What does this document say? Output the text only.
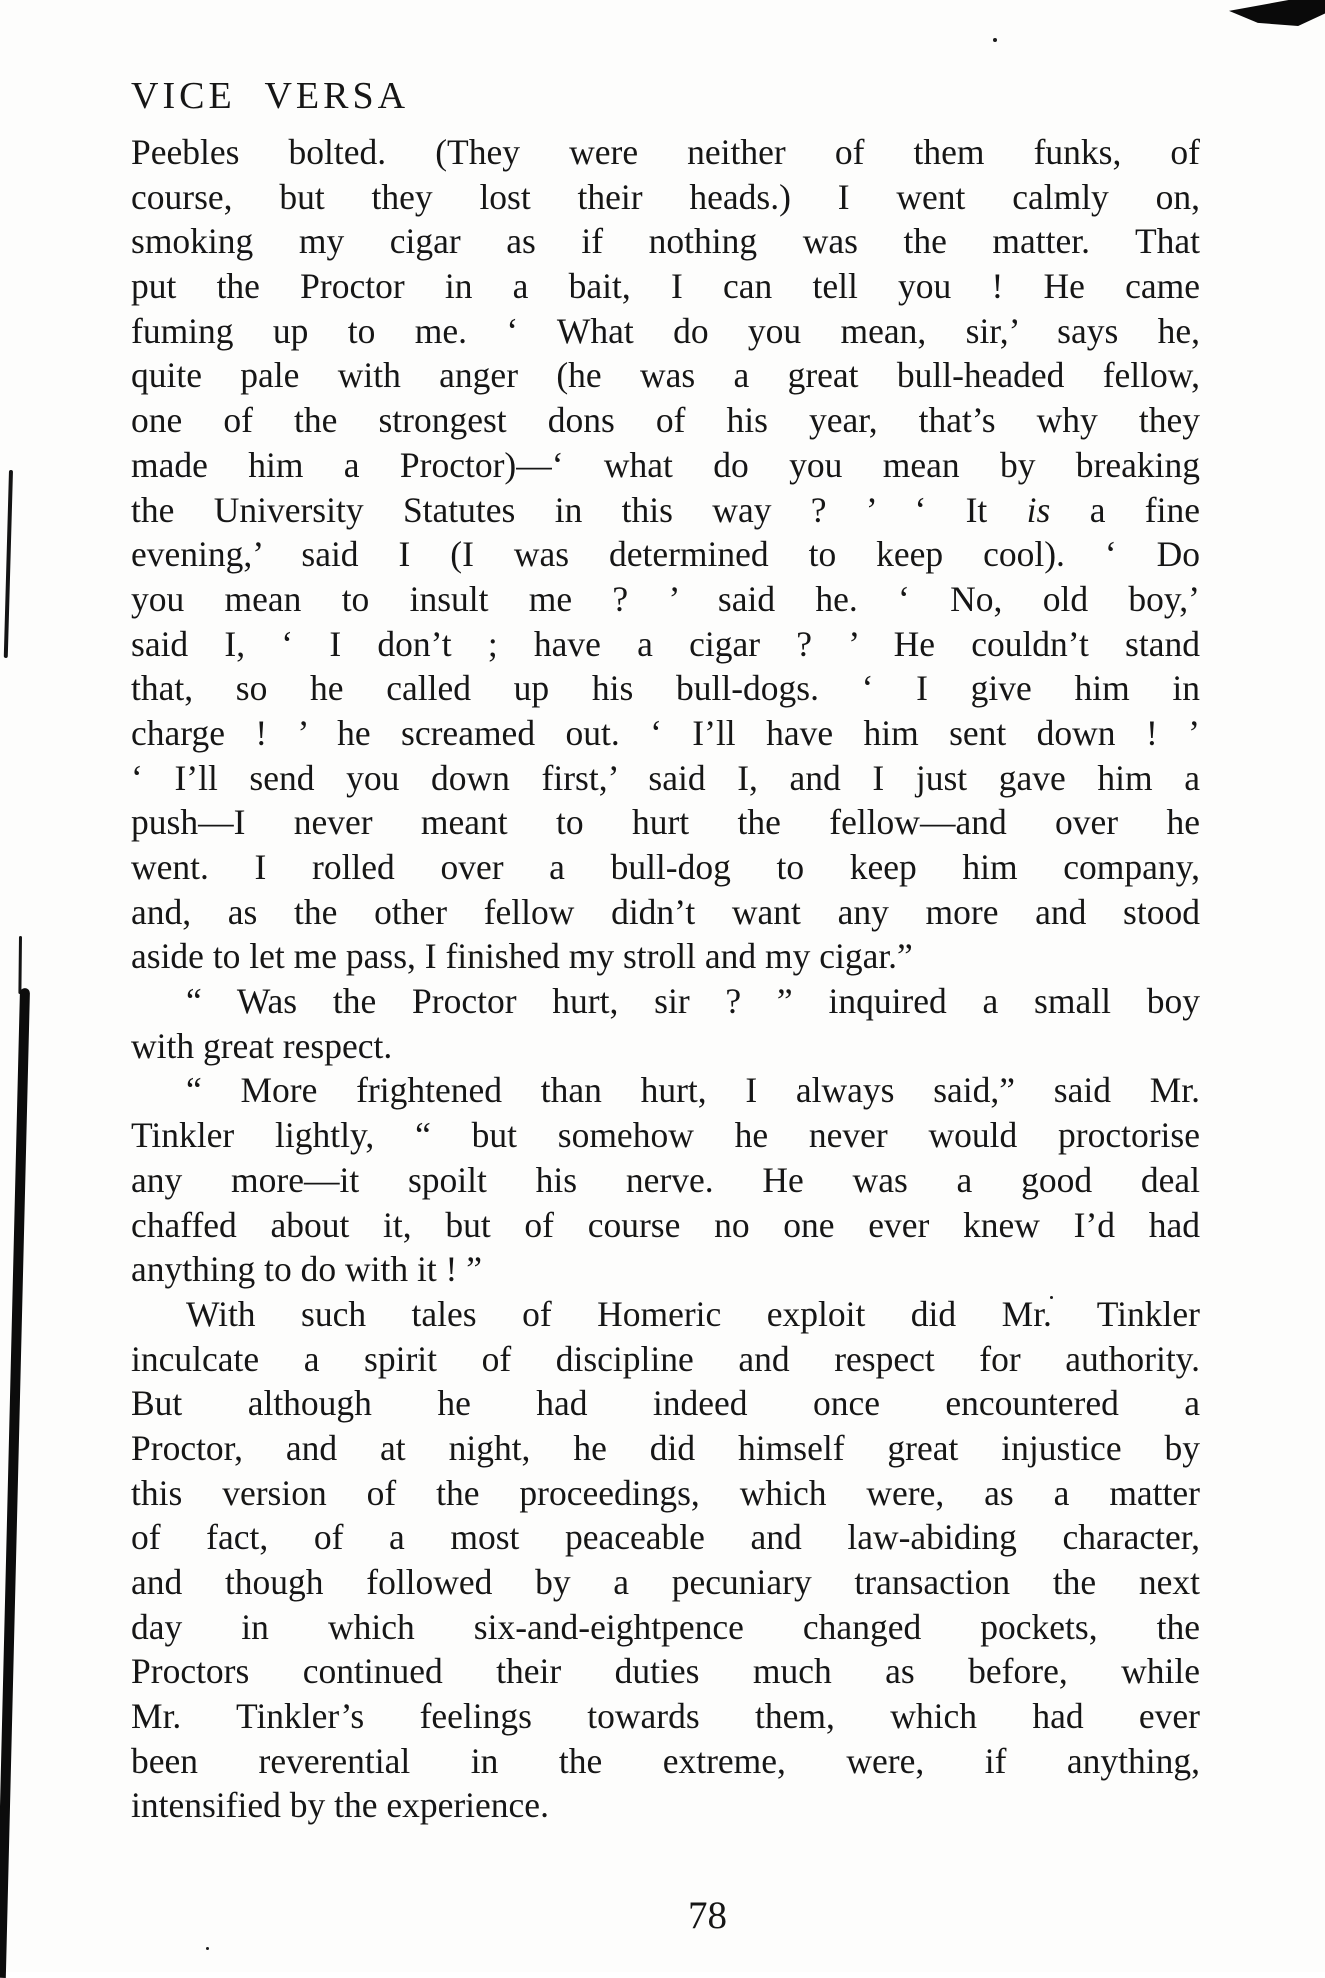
VICE VERSA
Peebles bolted. (They were neither of them funks, of
course, but they lost their heads.) I went calmly on,
smoking my cigar as if nothing was the matter. That
put the Proctor in a bait, I can tell you ! He came
fuming up to me. ‘ What do you mean, sir,’ says he,
quite pale with anger (he was a great bull-headed fellow,
one of the strongest dons of his year, that’s why they
made him a Proctor)—‘ what do you mean by breaking
the University Statutes in this way ? ’ ‘ It is a fine
evening,’ said I (I was determined to keep cool). ‘ Do
you mean to insult me ? ’ said he. ‘ No, old boy,’
said I, ‘ I don’t ; have a cigar ? ’ He couldn’t stand
that, so he called up his bull-dogs. ‘ I give him in
charge ! ’ he screamed out. ‘ I’ll have him sent down ! ’
‘ I’ll send you down first,’ said I, and I just gave him a
push—I never meant to hurt the fellow—and over he
went. I rolled over a bull-dog to keep him company,
and, as the other fellow didn’t want any more and stood
aside to let me pass, I finished my stroll and my cigar.”
“ Was the Proctor hurt, sir ? ” inquired a small boy
with great respect.
“ More frightened than hurt, I always said,” said Mr.
Tinkler lightly, “ but somehow he never would proctorise
any more—it spoilt his nerve. He was a good deal
chaffed about it, but of course no one ever knew I’d had
anything to do with it ! ”
With such tales of Homeric exploit did Mr. Tinkler
inculcate a spirit of discipline and respect for authority.
But although he had indeed once encountered a
Proctor, and at night, he did himself great injustice by
this version of the proceedings, which were, as a matter
of fact, of a most peaceable and law-abiding character,
and though followed by a pecuniary transaction the next
day in which six-and-eightpence changed pockets, the
Proctors continued their duties much as before, while
Mr. Tinkler’s feelings towards them, which had ever
been reverential in the extreme, were, if anything,
intensified by the experience.
78
